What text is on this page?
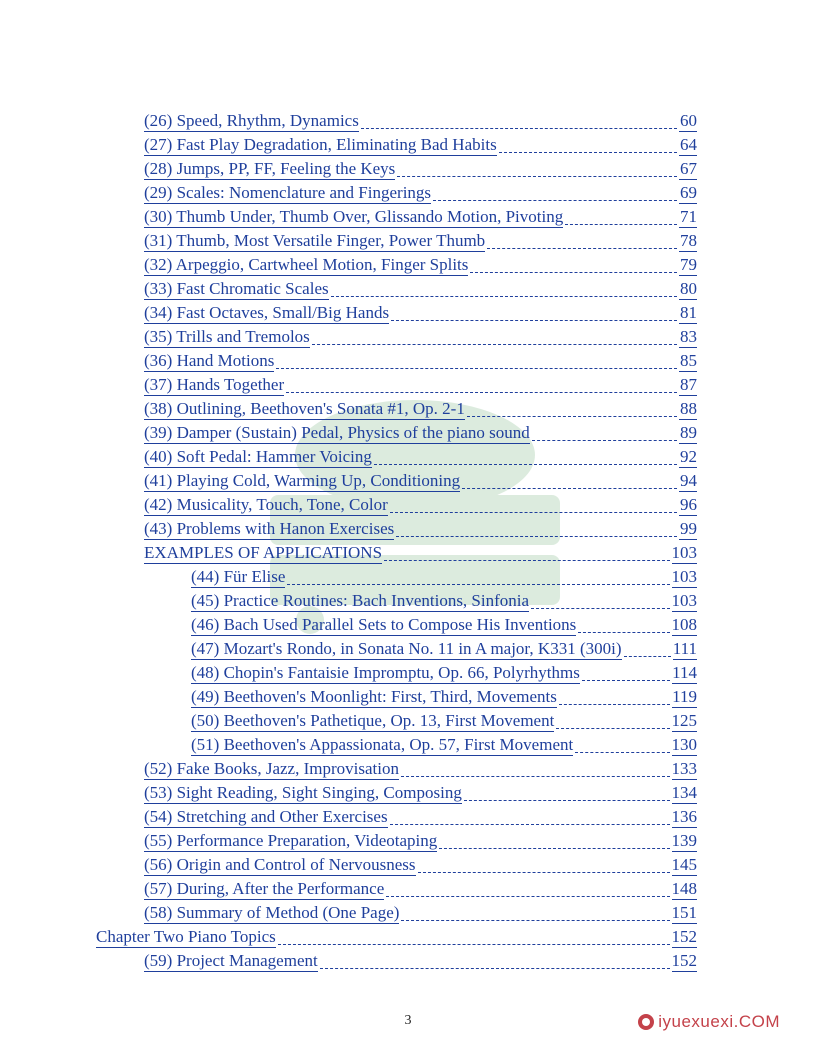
(26) Speed, Rhythm, Dynamics	60
(27) Fast Play Degradation, Eliminating Bad Habits	64
(28) Jumps, PP, FF, Feeling the Keys	67
(29) Scales: Nomenclature and Fingerings	69
(30) Thumb Under, Thumb Over, Glissando Motion, Pivoting	71
(31) Thumb, Most Versatile Finger, Power Thumb	78
(32) Arpeggio, Cartwheel Motion, Finger Splits	79
(33) Fast Chromatic Scales	80
(34) Fast Octaves, Small/Big Hands	81
(35) Trills and Tremolos	83
(36) Hand Motions	85
(37) Hands Together	87
(38) Outlining, Beethoven's Sonata #1, Op. 2-1	88
(39) Damper (Sustain) Pedal, Physics of the piano sound	89
(40) Soft Pedal: Hammer Voicing	92
(41) Playing Cold, Warming Up, Conditioning	94
(42) Musicality, Touch, Tone, Color	96
(43) Problems with Hanon Exercises	99
EXAMPLES OF APPLICATIONS	103
(44) Für Elise	103
(45) Practice Routines: Bach Inventions, Sinfonia	103
(46) Bach Used Parallel Sets to Compose His Inventions	108
(47) Mozart's Rondo, in Sonata No. 11 in A major, K331 (300i)	111
(48) Chopin's Fantaisie Impromptu, Op. 66, Polyrhythms	114
(49) Beethoven's Moonlight: First, Third, Movements	119
(50) Beethoven's Pathetique, Op. 13, First Movement	125
(51) Beethoven's Appassionata, Op. 57, First Movement	130
(52) Fake Books, Jazz, Improvisation	133
(53) Sight Reading, Sight Singing, Composing	134
(54) Stretching and Other Exercises	136
(55) Performance Preparation, Videotaping	139
(56) Origin and Control of Nervousness	145
(57) During, After the Performance	148
(58) Summary of Method (One Page)	151
Chapter Two Piano Topics	152
(59) Project Management	152
3	iyuexuexi.COM
